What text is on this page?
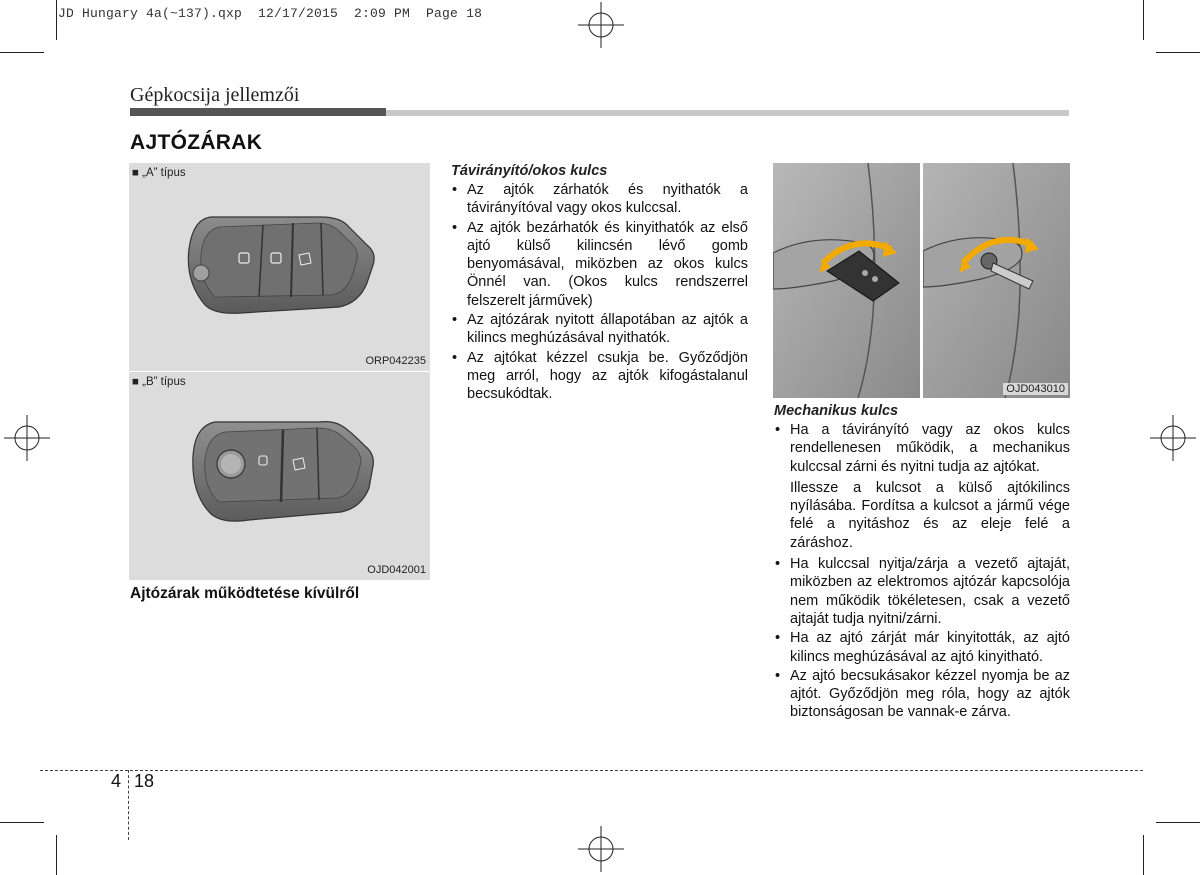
JD Hungary 4a(~137).qxp  12/17/2015  2:09 PM  Page 18
Gépkocsija jellemzői
AJTÓZÁRAK
■ „A” típus
ORP042235
■ „B” típus
OJD042001
Ajtózárak működtetése kívülről
Távirányító/okos kulcs
• Az ajtók zárhatók és nyithatók a távirányítóval vagy okos kulccsal.
• Az ajtók bezárhatók és kinyithatók az első ajtó külső kilincsén lévő gomb benyomásával, miközben az okos kulcs Önnél van. (Okos kulcs rendszerrel felszerelt járművek)
• Az ajtózárak nyitott állapotában az ajtók a kilincs meghúzásával nyithatók.
• Az ajtókat kézzel csukja be. Győződjön meg arról, hogy az ajtók kifogástalanul becsukódtak.	OJD043010
Mechanikus kulcs
• Ha a távirányító vagy az okos kulcs rendellenesen működik, a mechanikus kulccsal zárni és nyitni tudja az ajtókat.

Illessze a kulcsot a külső ajtókilincs nyílásába. Fordítsa a kulcsot a jármű vége felé a nyitáshoz és az eleje felé a záráshoz.

• Ha kulccsal nyitja/zárja a vezető ajtaját, miközben az elektromos ajtózár kapcsolója nem működik tökéletesen, csak a vezető ajtaját tudja nyitni/zárni.
• Ha az ajtó zárját már kinyitották, az ajtó kilincs meghúzásával az ajtó kinyitható.
• Az ajtó becsukásakor kézzel nyomja be az ajtót. Győződjön meg róla, hogy az ajtók biztonságosan be vannak-e zárva.
4 18
